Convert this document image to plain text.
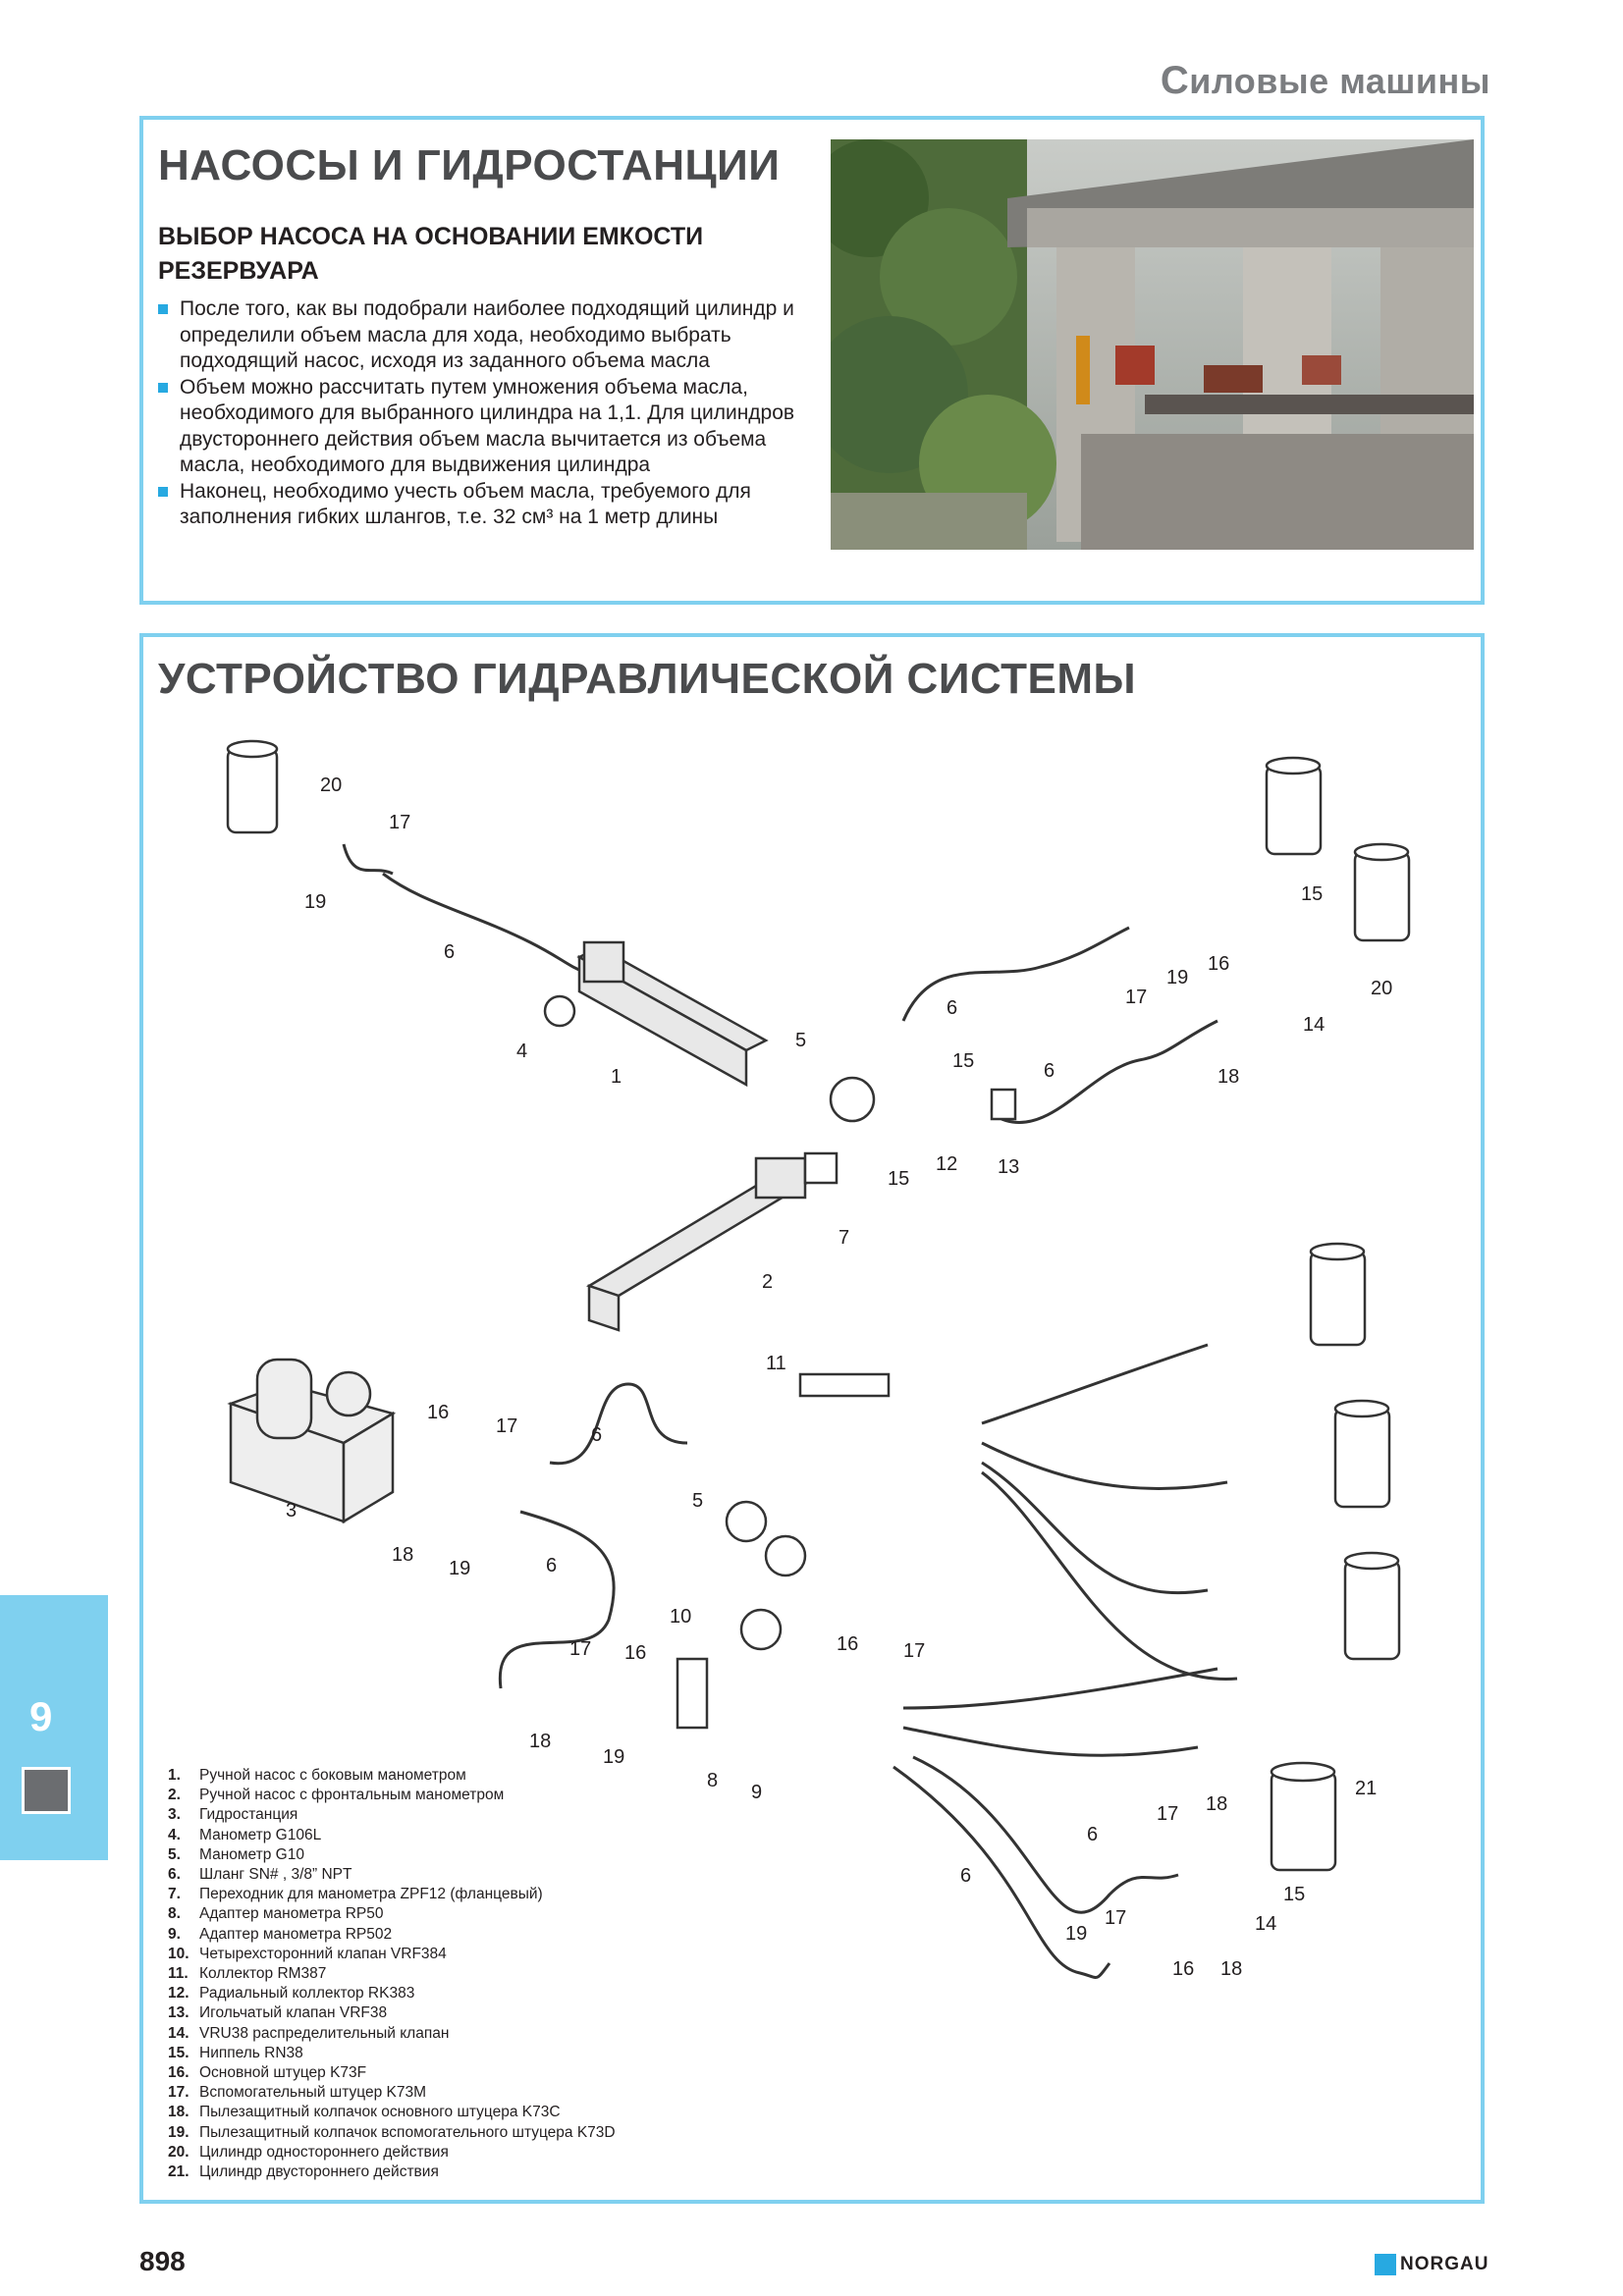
Силовые машины
НАСОСЫ И ГИДРОСТАНЦИИ
ВЫБОР НАСОСА НА ОСНОВАНИИ ЕМКОСТИ РЕЗЕРВУАРА
После того, как вы подобрали наиболее подходящий цилиндр и определили объем масла для хода, необходимо выбрать подходящий насос, исходя из заданного объема масла
Объем можно рассчитать путем умножения объема масла, необходимого для выбранного цилиндра на 1,1. Для цилиндров двустороннего действия объем масла вычитается из объема масла, необходимого для выдвижения цилиндра
Наконец, необходимо учесть объем масла, требуемого для заполнения гибких шлангов, т.е. 32 см³ на 1 метр длины
УСТРОЙСТВО ГИДРАВЛИЧЕСКОЙ СИСТЕМЫ
1. Ручной насос с боковым манометром
2. Ручной насос с фронтальным манометром
3. Гидростанция
4. Манометр G106L
5. Манометр G10
6. Шланг SN# , 3/8” NPT
7. Переходник для манометра ZPF12 (фланцевый)
8. Адаптер манометра RP50
9. Адаптер манометра RP502
10. Четырехсторонний клапан VRF384
11. Коллектор RM387
12. Радиальный коллектор RK383
13. Игольчатый клапан VRF38
14. VRU38 распределительный клапан
15. Ниппель RN38
16. Основной штуцер K73F
17. Вспомогательный штуцер K73M
18. Пылезащитный колпачок основного штуцера K73C
19. Пылезащитный колпачок вспомогательного штуцера K73D
20. Цилиндр одностороннего действия
21. Цилиндр двустороннего действия
20
17
19
6
4
1
15
20
16
19
17
14
18
6
5
15	6
12 13
15
7
2
11
16
17	6
3
18
19	6
5
10
17 16	16 17
18
19
8
9	21
17 18
6
6
15
14
19
17
16 18
9
898	NORGAU
